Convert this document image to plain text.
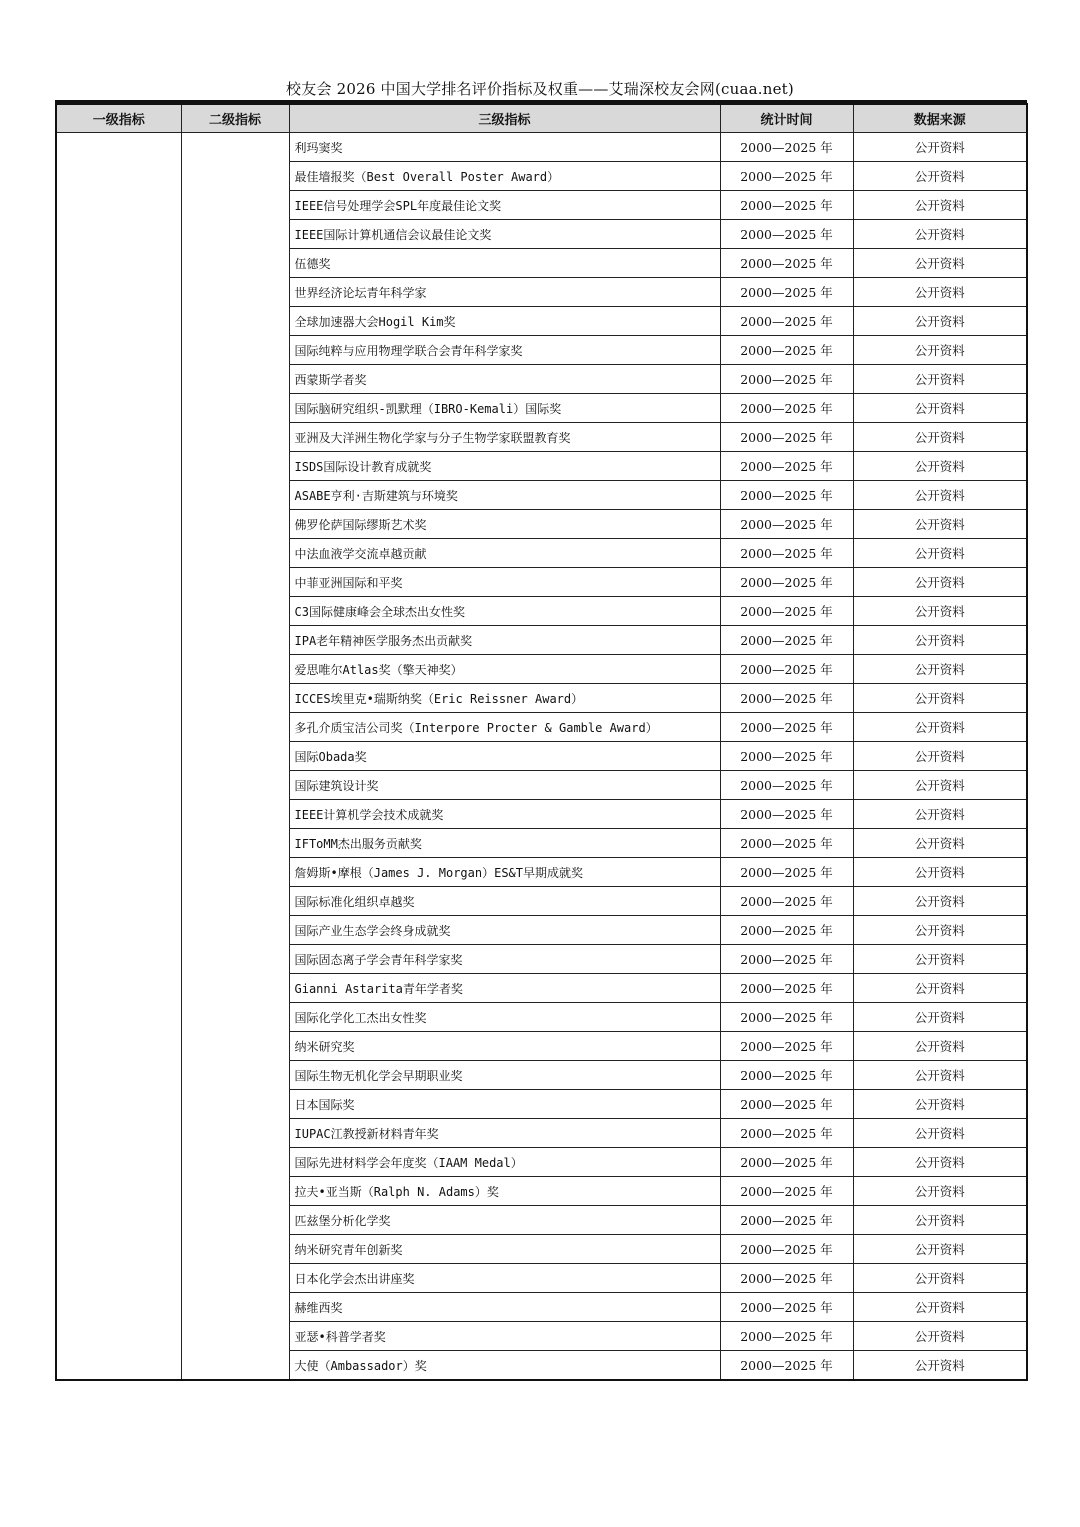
校友会 2026 中国大学排名评价指标及权重——艾瑞深校友会网(cuaa.net)
一级指标	二级指标	三级指标	统计时间	数据来源
		利玛窦奖	2000—2025 年	公开资料
		最佳墙报奖（Best Overall Poster Award）	2000—2025 年	公开资料
		IEEE信号处理学会SPL年度最佳论文奖	2000—2025 年	公开资料
		IEEE国际计算机通信会议最佳论文奖	2000—2025 年	公开资料
		伍德奖	2000—2025 年	公开资料
		世界经济论坛青年科学家	2000—2025 年	公开资料
		全球加速器大会Hogil Kim奖	2000—2025 年	公开资料
		国际纯粹与应用物理学联合会青年科学家奖	2000—2025 年	公开资料
		西蒙斯学者奖	2000—2025 年	公开资料
		国际脑研究组织-凯默理（IBRO-Kemali）国际奖	2000—2025 年	公开资料
		亚洲及大洋洲生物化学家与分子生物学家联盟教育奖	2000—2025 年	公开资料
		ISDS国际设计教育成就奖	2000—2025 年	公开资料
		ASABE亨利·吉斯建筑与环境奖	2000—2025 年	公开资料
		佛罗伦萨国际缪斯艺术奖	2000—2025 年	公开资料
		中法血液学交流卓越贡献	2000—2025 年	公开资料
		中菲亚洲国际和平奖	2000—2025 年	公开资料
		C3国际健康峰会全球杰出女性奖	2000—2025 年	公开资料
		IPA老年精神医学服务杰出贡献奖	2000—2025 年	公开资料
		爱思唯尔Atlas奖（擎天神奖）	2000—2025 年	公开资料
		ICCES埃里克•瑞斯纳奖（Eric Reissner Award）	2000—2025 年	公开资料
		多孔介质宝洁公司奖（Interpore Procter & Gamble Award）	2000—2025 年	公开资料
		国际Obada奖	2000—2025 年	公开资料
		国际建筑设计奖	2000—2025 年	公开资料
		IEEE计算机学会技术成就奖	2000—2025 年	公开资料
		IFToMM杰出服务贡献奖	2000—2025 年	公开资料
		詹姆斯•摩根（James J. Morgan）ES&T早期成就奖	2000—2025 年	公开资料
		国际标准化组织卓越奖	2000—2025 年	公开资料
		国际产业生态学会终身成就奖	2000—2025 年	公开资料
		国际固态离子学会青年科学家奖	2000—2025 年	公开资料
		Gianni Astarita青年学者奖	2000—2025 年	公开资料
		国际化学化工杰出女性奖	2000—2025 年	公开资料
		纳米研究奖	2000—2025 年	公开资料
		国际生物无机化学会早期职业奖	2000—2025 年	公开资料
		日本国际奖	2000—2025 年	公开资料
		IUPAC江教授新材料青年奖	2000—2025 年	公开资料
		国际先进材料学会年度奖（IAAM Medal）	2000—2025 年	公开资料
		拉夫•亚当斯（Ralph N. Adams）奖	2000—2025 年	公开资料
		匹兹堡分析化学奖	2000—2025 年	公开资料
		纳米研究青年创新奖	2000—2025 年	公开资料
		日本化学会杰出讲座奖	2000—2025 年	公开资料
		赫维西奖	2000—2025 年	公开资料
		亚瑟•科普学者奖	2000—2025 年	公开资料
		大使（Ambassador）奖	2000—2025 年	公开资料
